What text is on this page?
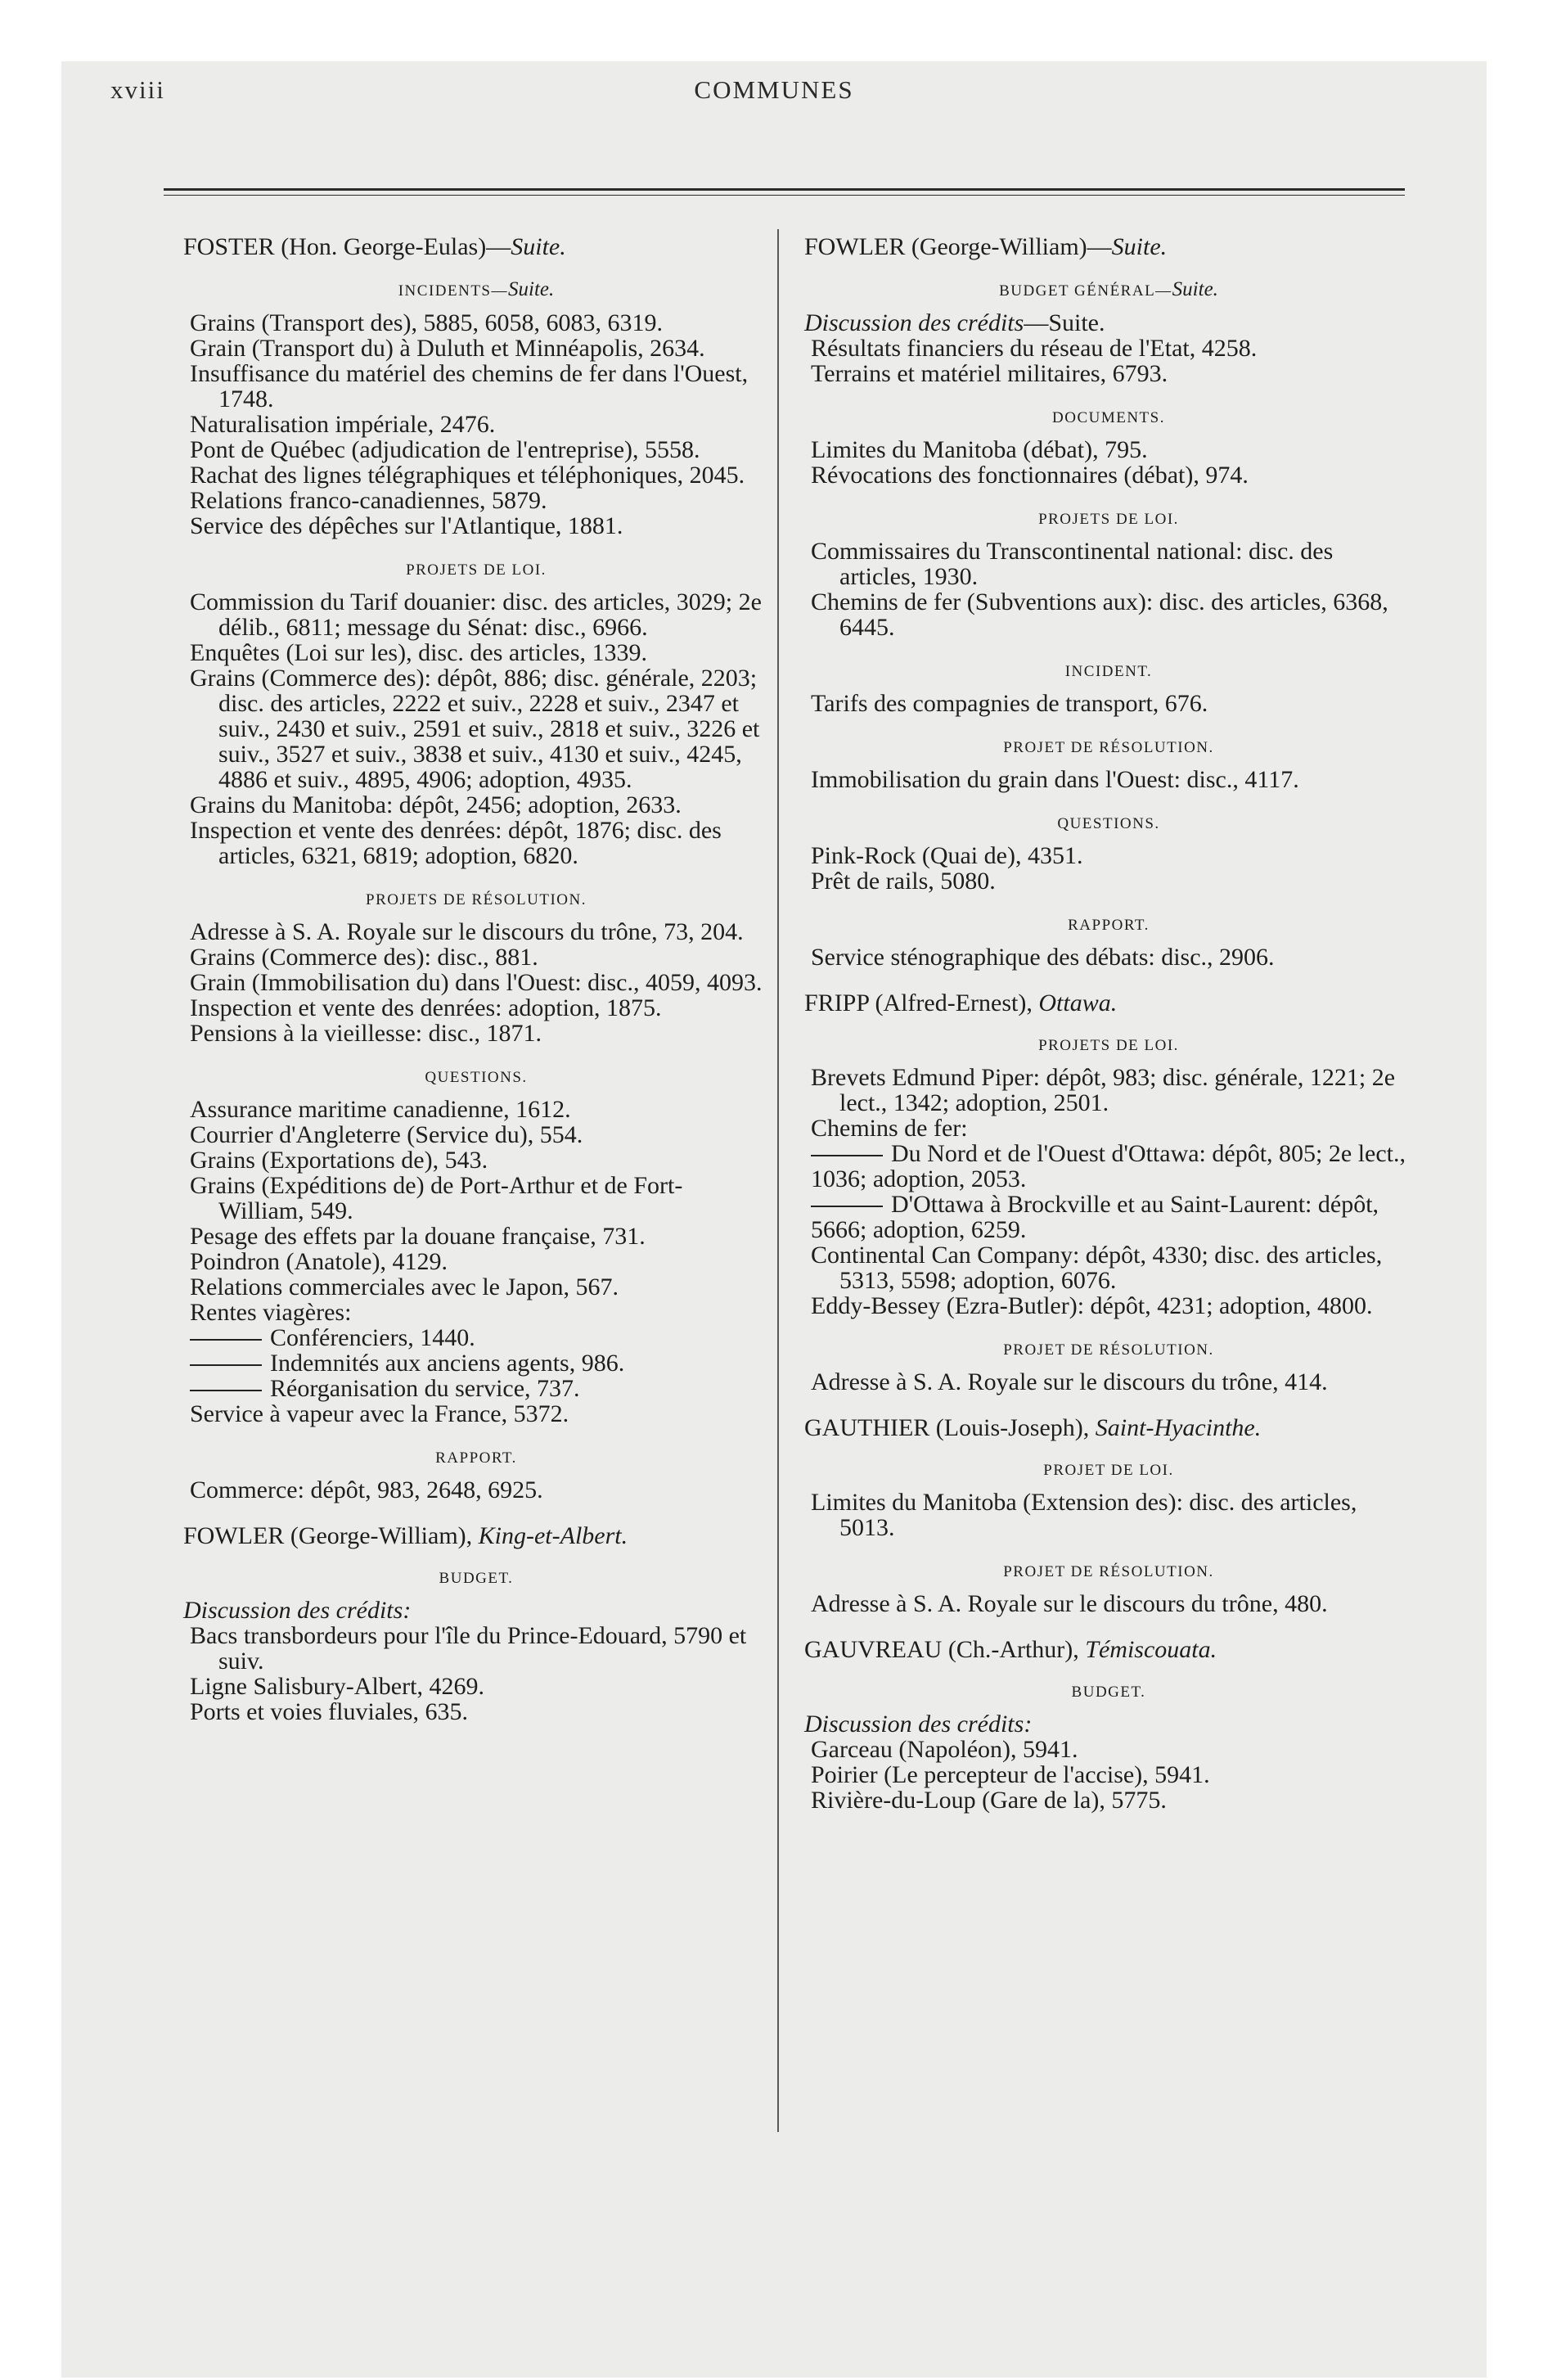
xviii	COMMUNES
FOSTER (Hon. George-Eulas)—Suite.
INCIDENTS—Suite.
Grains (Transport des), 5885, 6058, 6083, 6319.
Grain (Transport du) à Duluth et Minnéapolis, 2634.
Insuffisance du matériel des chemins de fer dans l'Ouest, 1748.
Naturalisation impériale, 2476.
Pont de Québec (adjudication de l'entreprise), 5558.
Rachat des lignes télégraphiques et téléphoniques, 2045.
Relations franco-canadiennes, 5879.
Service des dépêches sur l'Atlantique, 1881.
PROJETS DE LOI.
Commission du Tarif douanier: disc. des articles, 3029; 2e délib., 6811; message du Sénat: disc., 6966.
Enquêtes (Loi sur les), disc. des articles, 1339.
Grains (Commerce des): dépôt, 886; disc. générale, 2203; disc. des articles, 2222 et suiv., 2228 et suiv., 2347 et suiv., 2430 et suiv., 2591 et suiv., 2818 et suiv., 3226 et suiv., 3527 et suiv., 3838 et suiv., 4130 et suiv., 4245, 4886 et suiv., 4895, 4906; adoption, 4935.
Grains du Manitoba: dépôt, 2456; adoption, 2633.
Inspection et vente des denrées: dépôt, 1876; disc. des articles, 6321, 6819; adoption, 6820.
PROJETS DE RÉSOLUTION.
Adresse à S. A. Royale sur le discours du trône, 73, 204.
Grains (Commerce des): disc., 881.
Grain (Immobilisation du) dans l'Ouest: disc., 4059, 4093.
Inspection et vente des denrées: adoption, 1875.
Pensions à la vieillesse: disc., 1871.
QUESTIONS.
Assurance maritime canadienne, 1612.
Courrier d'Angleterre (Service du), 554.
Grains (Exportations de), 543.
Grains (Expéditions de) de Port-Arthur et de Fort-William, 549.
Pesage des effets par la douane française, 731.
Poindron (Anatole), 4129.
Relations commerciales avec le Japon, 567.
Rentes viagères:
Conférenciers, 1440.
Indemnités aux anciens agents, 986.
Réorganisation du service, 737.
Service à vapeur avec la France, 5372.
RAPPORT.
Commerce: dépôt, 983, 2648, 6925.
FOWLER (George-William), King-et-Albert.
BUDGET.
Discussion des crédits:
Bacs transbordeurs pour l'île du Prince-Edouard, 5790 et suiv.
Ligne Salisbury-Albert, 4269.
Ports et voies fluviales, 635.
FOWLER (George-William)—Suite.
BUDGET GÉNÉRAL—Suite.
Discussion des crédits—Suite.
Résultats financiers du réseau de l'Etat, 4258.
Terrains et matériel militaires, 6793.
DOCUMENTS.
Limites du Manitoba (débat), 795.
Révocations des fonctionnaires (débat), 974.
PROJETS DE LOI.
Commissaires du Transcontinental national: disc. des articles, 1930.
Chemins de fer (Subventions aux): disc. des articles, 6368, 6445.
INCIDENT.
Tarifs des compagnies de transport, 676.
PROJET DE RÉSOLUTION.
Immobilisation du grain dans l'Ouest: disc., 4117.
QUESTIONS.
Pink-Rock (Quai de), 4351.
Prêt de rails, 5080.
RAPPORT.
Service sténographique des débats: disc., 2906.
FRIPP (Alfred-Ernest), Ottawa.
PROJETS DE LOI.
Brevets Edmund Piper: dépôt, 983; disc. générale, 1221; 2e lect., 1342; adoption, 2501.
Chemins de fer:
Du Nord et de l'Ouest d'Ottawa: dépôt, 805; 2e lect., 1036; adoption, 2053.
D'Ottawa à Brockville et au Saint-Laurent: dépôt, 5666; adoption, 6259.
Continental Can Company: dépôt, 4330; disc. des articles, 5313, 5598; adoption, 6076.
Eddy-Bessey (Ezra-Butler): dépôt, 4231; adoption, 4800.
PROJET DE RÉSOLUTION.
Adresse à S. A. Royale sur le discours du trône, 414.
GAUTHIER (Louis-Joseph), Saint-Hyacinthe.
PROJET DE LOI.
Limites du Manitoba (Extension des): disc. des articles, 5013.
PROJET DE RÉSOLUTION.
Adresse à S. A. Royale sur le discours du trône, 480.
GAUVREAU (Ch.-Arthur), Témiscouata.
BUDGET.
Discussion des crédits:
Garceau (Napoléon), 5941.
Poirier (Le percepteur de l'accise), 5941.
Rivière-du-Loup (Gare de la), 5775.
